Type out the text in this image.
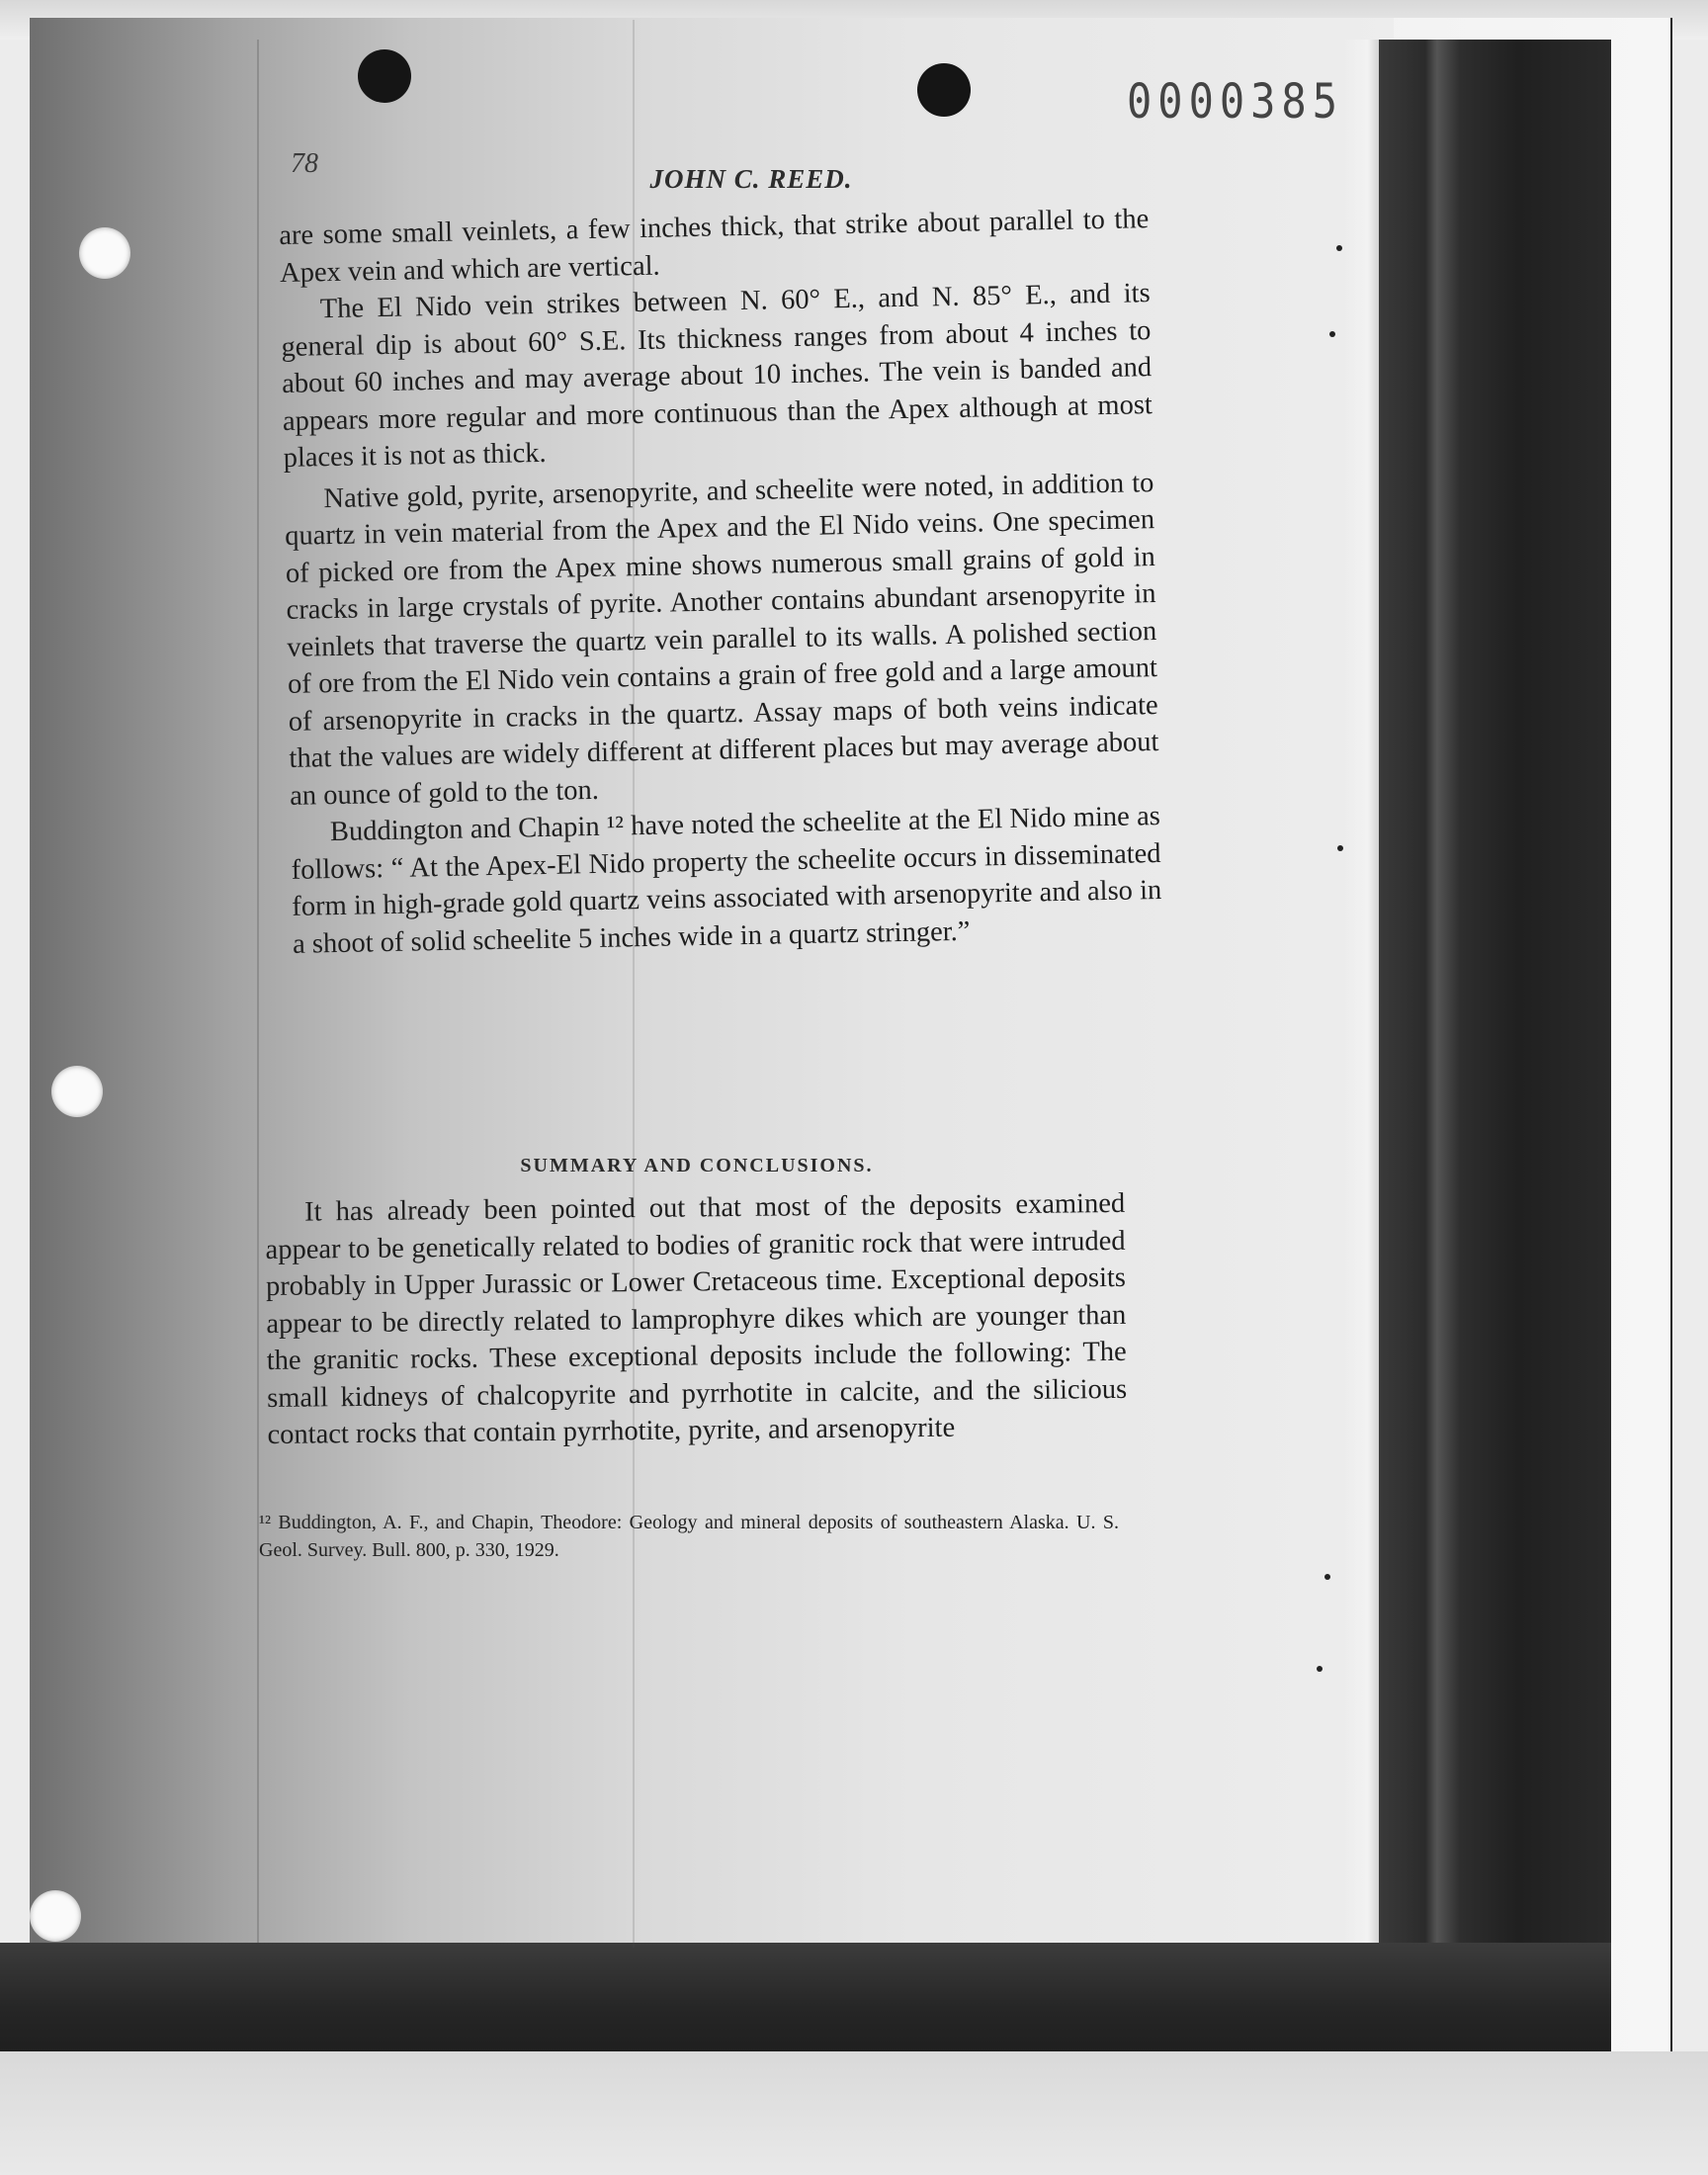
0000385
78	JOHN C. REED.

are some small veinlets, a few inches thick, that strike about parallel to the Apex vein and which are vertical.

The El Nido vein strikes between N. 60° E., and N. 85° E., and its general dip is about 60° S.E. Its thickness ranges from about 4 inches to about 60 inches and may average about 10 inches. The vein is banded and appears more regular and more continuous than the Apex although at most places it is not as thick.

Native gold, pyrite, arsenopyrite, and scheelite were noted, in addition to quartz in vein material from the Apex and the El Nido veins. One specimen of picked ore from the Apex mine shows numerous small grains of gold in cracks in large crystals of pyrite. Another contains abundant arsenopyrite in veinlets that traverse the quartz vein parallel to its walls. A polished section of ore from the El Nido vein contains a grain of free gold and a large amount of arsenopyrite in cracks in the quartz. Assay maps of both veins indicate that the values are widely different at different places but may average about an ounce of gold to the ton.

Buddington and Chapin ¹² have noted the scheelite at the El Nido mine as follows: “ At the Apex-El Nido property the scheelite occurs in disseminated form in high-grade gold quartz veins associated with arsenopyrite and also in a shoot of solid scheelite 5 inches wide in a quartz stringer.”

SUMMARY AND CONCLUSIONS.

It has already been pointed out that most of the deposits examined appear to be genetically related to bodies of granitic rock that were intruded probably in Upper Jurassic or Lower Cretaceous time. Exceptional deposits appear to be directly related to lamprophyre dikes which are younger than the granitic rocks. These exceptional deposits include the following: The small kidneys of chalcopyrite and pyrrhotite in calcite, and the silicious contact rocks that contain pyrrhotite, pyrite, and arsenopyrite

¹² Buddington, A. F., and Chapin, Theodore: Geology and mineral deposits of southeastern Alaska. U. S. Geol. Survey. Bull. 800, p. 330, 1929.
